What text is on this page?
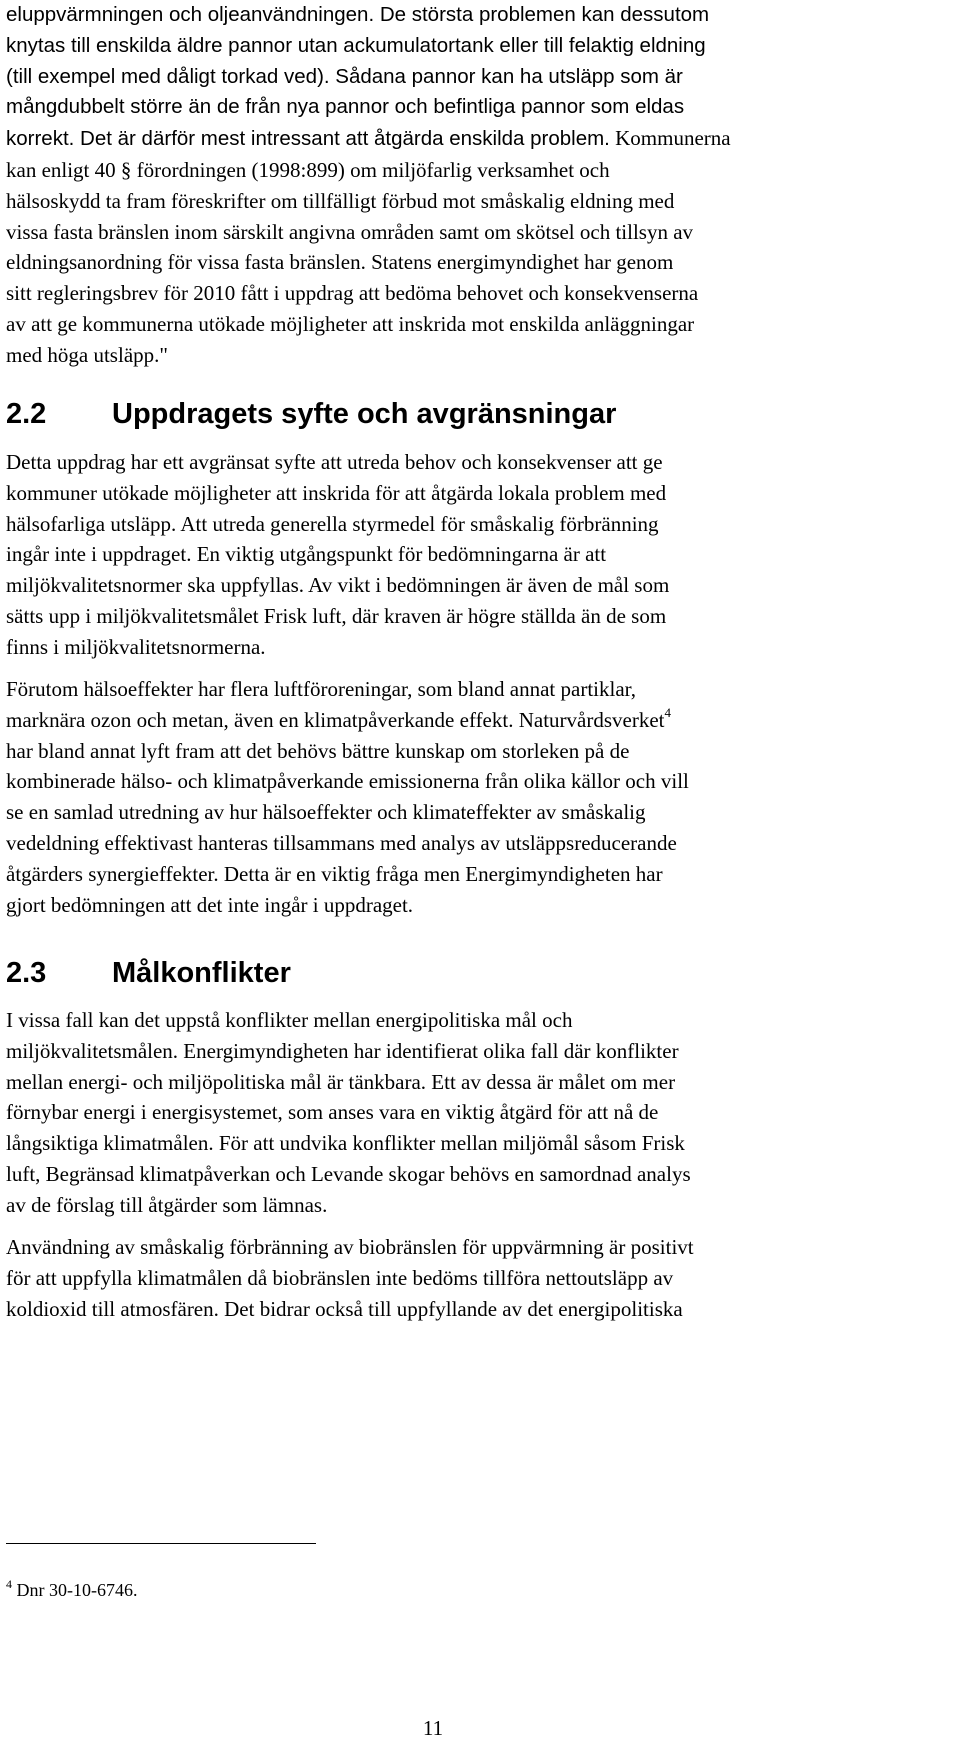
eluppvärmningen och oljeanvändningen. De största problemen kan dessutom
knytas till enskilda äldre pannor utan ackumulatortank eller till felaktig eldning
(till exempel med dåligt torkad ved). Sådana pannor kan ha utsläpp som är
mångdubbelt större än de från nya pannor och befintliga pannor som eldas
korrekt. Det är därför mest intressant att åtgärda enskilda problem. Kommunerna
kan enligt 40 § förordningen (1998:899) om miljöfarlig verksamhet och
hälsoskydd ta fram föreskrifter om tillfälligt förbud mot småskalig eldning med
vissa fasta bränslen inom särskilt angivna områden samt om skötsel och tillsyn av
eldningsanordning för vissa fasta bränslen. Statens energimyndighet har genom
sitt regleringsbrev för 2010 fått i uppdrag att bedöma behovet och konsekvenserna
av att ge kommunerna utökade möjligheter att inskrida mot enskilda anläggningar
med höga utsläpp."
2.2 Uppdragets syfte och avgränsningar
Detta uppdrag har ett avgränsat syfte att utreda behov och konsekvenser att ge
kommuner utökade möjligheter att inskrida för att åtgärda lokala problem med
hälsofarliga utsläpp. Att utreda generella styrmedel för småskalig förbränning
ingår inte i uppdraget. En viktig utgångspunkt för bedömningarna är att
miljökvalitetsnormer ska uppfyllas. Av vikt i bedömningen är även de mål som
sätts upp i miljökvalitetsmålet Frisk luft, där kraven är högre ställda än de som
finns i miljökvalitetsnormerna.
Förutom hälsoeffekter har flera luftföroreningar, som bland annat partiklar,
marknära ozon och metan, även en klimatpåverkande effekt. Naturvårdsverket$^4$
har bland annat lyft fram att det behövs bättre kunskap om storleken på de
kombinerade hälso- och klimatpåverkande emissionerna från olika källor och vill
se en samlad utredning av hur hälsoeffekter och klimateffekter av småskalig
vedeldning effektivast hanteras tillsammans med analys av utsläppsreducerande
åtgärders synergieffekter. Detta är en viktig fråga men Energimyndigheten har
gjort bedömningen att det inte ingår i uppdraget.
2.3 Målkonflikter
I vissa fall kan det uppstå konflikter mellan energipolitiska mål och
miljökvalitetsmålen. Energimyndigheten har identifierat olika fall där konflikter
mellan energi- och miljöpolitiska mål är tänkbara. Ett av dessa är målet om mer
förnybar energi i energisystemet, som anses vara en viktig åtgärd för att nå de
långsiktiga klimatmålen. För att undvika konflikter mellan miljömål såsom Frisk
luft, Begränsad klimatpåverkan och Levande skogar behövs en samordnad analys
av de förslag till åtgärder som lämnas.
Användning av småskalig förbränning av biobränslen för uppvärmning är positivt
för att uppfylla klimatmålen då biobränslen inte bedöms tillföra nettoutsläpp av
koldioxid till atmosfären. Det bidrar också till uppfyllande av det energipolitiska
$^4$ Dnr 30-10-6746.
11
